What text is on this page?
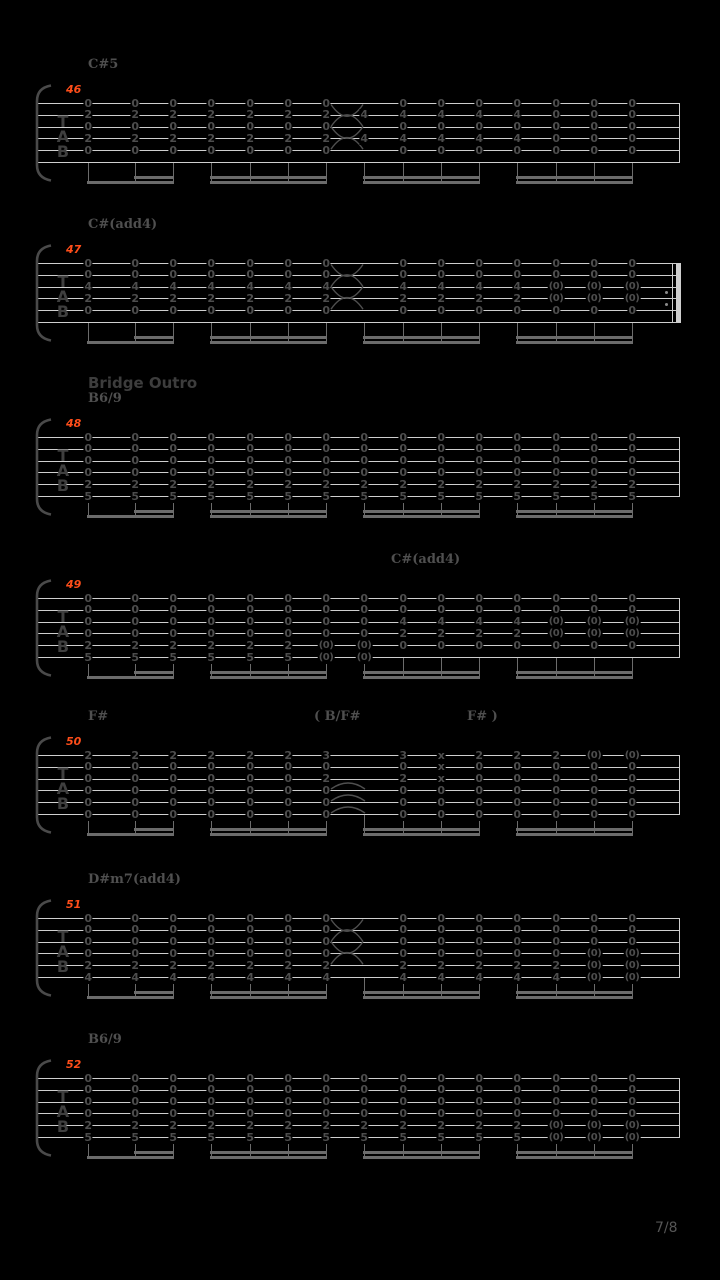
T
A
B
C#5
46
0
2
0
2
0
0
2
0
2
0
0
2
0
2
0
0
2
0
2
0
0
2
0
2
0
0
2
0
2
0
0
2
0
2
0
4
4
0
4
0
4
0
0
4
0
4
0
0
4
0
4
0
0
4
0
4
0
0
0
0
0
0
0
0
0
0
0
0
0
0
0
0
T
A
B
C#(add4)
47
0
0
4
2
0
0
0
4
2
0
0
0
4
2
0
0
0
4
2
0
0
0
4
2
0
0
0
4
2
0
0
0
4
2
0
0
0
4
2
0
0
0
4
2
0
0
0
4
2
0
0
0
4
2
0
0
0
(0)
(0)
0
0
0
(0)
(0)
0
0
0
(0)
(0)
0
T
A
B
Bridge Outro
B6/9
48
0
0
0
0
2
5
0
0
0
0
2
5
0
0
0
0
2
5
0
0
0
0
2
5
0
0
0
0
2
5
0
0
0
0
2
5
0
0
0
0
2
5
0
0
0
0
2
5
0
0
0
0
2
5
0
0
0
0
2
5
0
0
0
0
2
5
0
0
0
0
2
5
0
0
0
0
2
5
0
0
0
0
2
5
0
0
0
0
2
5
T
A
B
C#(add4)
49
0
0
0
0
2
5
0
0
0
0
2
5
0
0
0
0
2
5
0
0
0
0
2
5
0
0
0
0
2
5
0
0
0
0
2
5
0
0
0
0
(0)
(0)
0
0
0
0
(0)
(0)
0
0
4
2
0
0
0
4
2
0
0
0
4
2
0
0
0
4
2
0
0
0
(0)
(0)
0
0
0
(0)
(0)
0
0
0
(0)
(0)
0
T
A
B
F#	( B/F#	F# )
50
2
0
0
0
0
0
2
0
0
0
0
0
2
0
0
0
0
0
2
0
0
0
0
0
2
0
0
0
0
0
2
0
0
0
0
0
3
0
2
0
0
0
3
0
2
0
0
0
x
x
x
0
0
0
2
0
0
0
0
0
2
0
0
0
0
0
2
0
0
0
0
0
(0)
0
0
0
0
0
(0)
0
0
0
0
0
T
A
B
D#m7(add4)
51
0
0
0
0
2
4
0
0
0
0
2
4
0
0
0
0
2
4
0
0
0
0
2
4
0
0
0
0
2
4
0
0
0
0
2
4
0
0
0
0
2
4
0
0
0
0
2
4
0
0
0
0
2
4
0
0
0
0
2
4
0
0
0
0
2
4
0
0
0
0
2
4
0
0
0
(0)
(0)
(0)
0
0
0
(0)
(0)
(0)
T
A
B
B6/9
52
0
0
0
0
2
5
0
0
0
0
2
5
0
0
0
0
2
5
0
0
0
0
2
5
0
0
0
0
2
5
0
0
0
0
2
5
0
0
0
0
2
5
0
0
0
0
2
5
0
0
0
0
2
5
0
0
0
0
2
5
0
0
0
0
2
5
0
0
0
0
2
5
0
0
0
0
(0)
(0)
0
0
0
0
(0)
(0)
0
0
0
0
(0)
(0)
7/8
